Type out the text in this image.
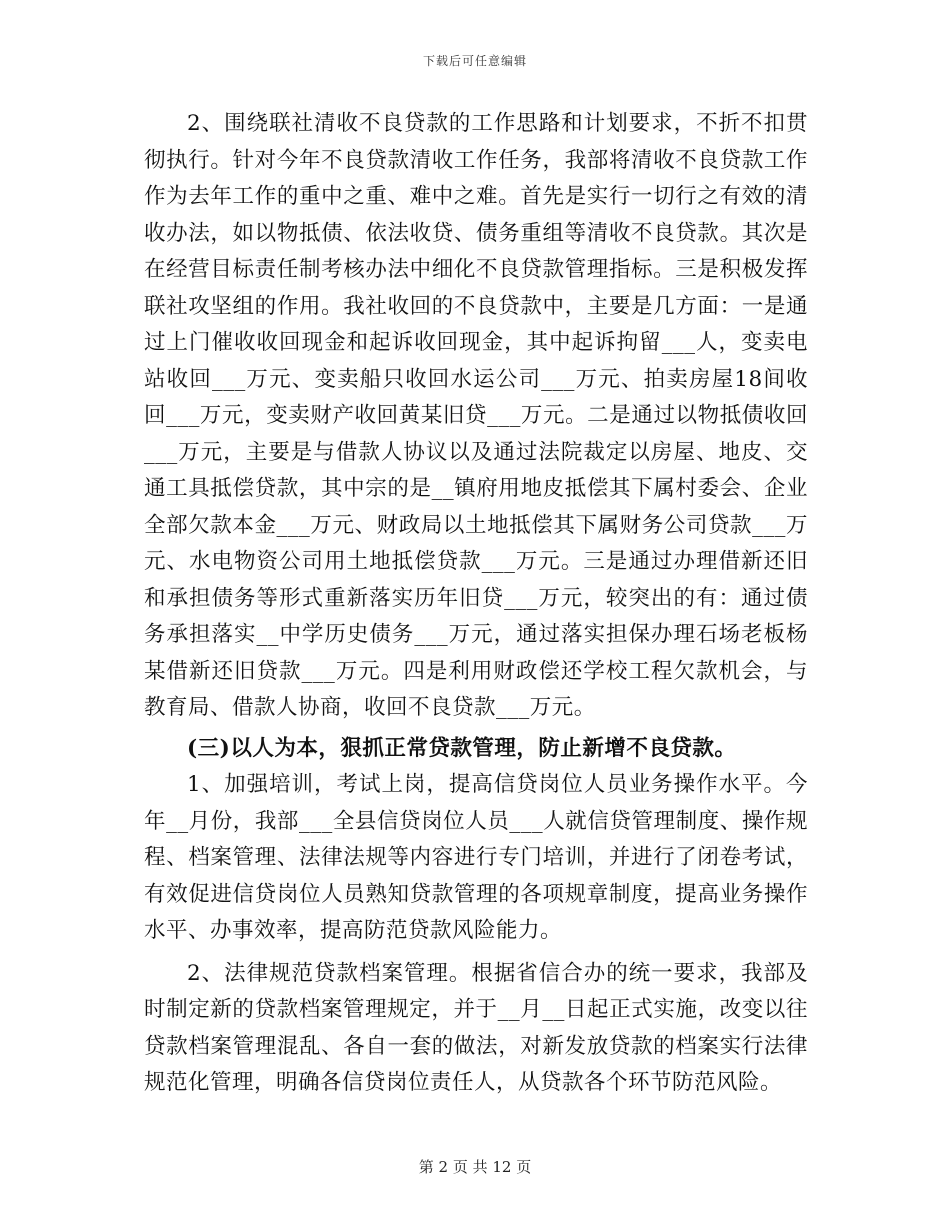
下载后可任意编辑

2、围绕联社清收不良贷款的工作思路和计划要求，不折不扣贯彻执行。针对今年不良贷款清收工作任务，我部将清收不良贷款工作作为去年工作的重中之重、难中之难。首先是实行一切行之有效的清收办法，如以物抵债、依法收贷、债务重组等清收不良贷款。其次是在经营目标责任制考核办法中细化不良贷款管理指标。三是积极发挥联社攻坚组的作用。我社收回的不良贷款中，主要是几方面：一是通过上门催收收回现金和起诉收回现金，其中起诉拘留___人，变卖电站收回___万元、变卖船只收回水运公司___万元、拍卖房屋18间收回___万元，变卖财产收回黄某旧贷___万元。二是通过以物抵债收回___万元，主要是与借款人协议以及通过法院裁定以房屋、地皮、交通工具抵偿贷款，其中宗的是__镇府用地皮抵偿其下属村委会、企业全部欠款本金___万元、财政局以土地抵偿其下属财务公司贷款___万元、水电物资公司用土地抵偿贷款___万元。三是通过办理借新还旧和承担债务等形式重新落实历年旧贷___万元，较突出的有：通过债务承担落实__中学历史债务___万元，通过落实担保办理石场老板杨某借新还旧贷款___万元。四是利用财政偿还学校工程欠款机会，与教育局、借款人协商，收回不良贷款___万元。

(三)以人为本，狠抓正常贷款管理，防止新增不良贷款。

1、加强培训，考试上岗，提高信贷岗位人员业务操作水平。今年__月份，我部___全县信贷岗位人员___人就信贷管理制度、操作规程、档案管理、法律法规等内容进行专门培训，并进行了闭卷考试，有效促进信贷岗位人员熟知贷款管理的各项规章制度，提高业务操作水平、办事效率，提高防范贷款风险能力。

2、法律规范贷款档案管理。根据省信合办的统一要求，我部及时制定新的贷款档案管理规定，并于__月__日起正式实施，改变以往贷款档案管理混乱、各自一套的做法，对新发放贷款的档案实行法律规范化管理，明确各信贷岗位责任人，从贷款各个环节防范风险。

第 2 页 共 12 页
